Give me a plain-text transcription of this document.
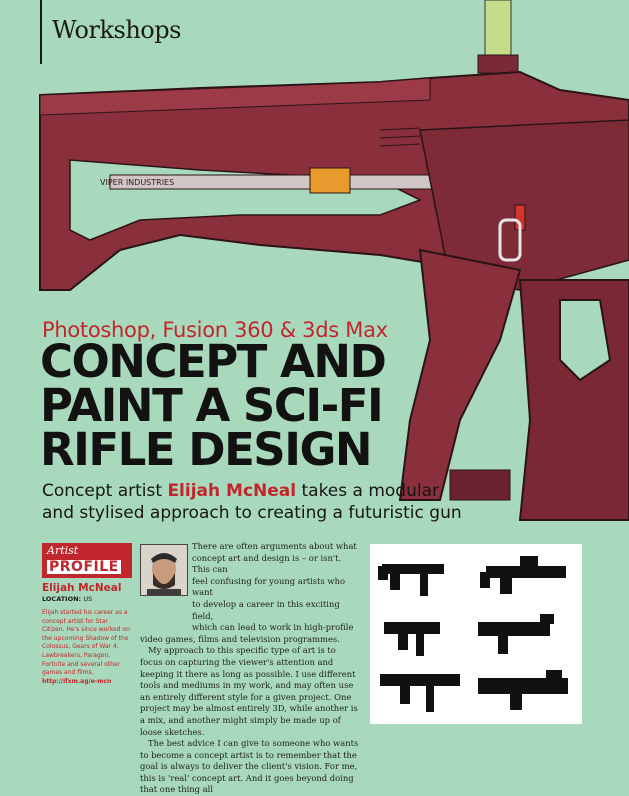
VIPER INDUSTRIES
Workshops
Photoshop, Fusion 360 & 3ds Max
CONCEPT AND
PAINT A SCI-FI
RIFLE DESIGN
Concept artist Elijah McNeal takes a modular
and stylised approach to creating a futuristic gun
Artist
PROFILE
Elijah McNeal
LOCATION: US
Elijah started his career as a concept artist for Star Citizen. He's since worked on the upcoming Shadow of the Colossus, Gears of War 4, Lawbreakers, Paragon, Fortnite and several other games and films. http://ifxm.ag/e-mcn

There are often arguments about what

concept art and design is – or isn't. This can

feel confusing for young artists who want

to develop a career in this exciting field,

which can lead to work in high-profile

video games, films and television programmes.

My approach to this specific type of art is to focus on capturing the viewer's attention and keeping it there as long as possible. I use different tools and mediums in my work, and may often use an entirely different style for a given project. One project may be almost entirely 3D, while another is a mix, and another might simply be made up of loose sketches.

The best advice I can give to someone who wants to become a concept artist is to remember that the goal is always to deliver the client's vision. For me, this is 'real' concept art. And it goes beyond doing that one thing all
